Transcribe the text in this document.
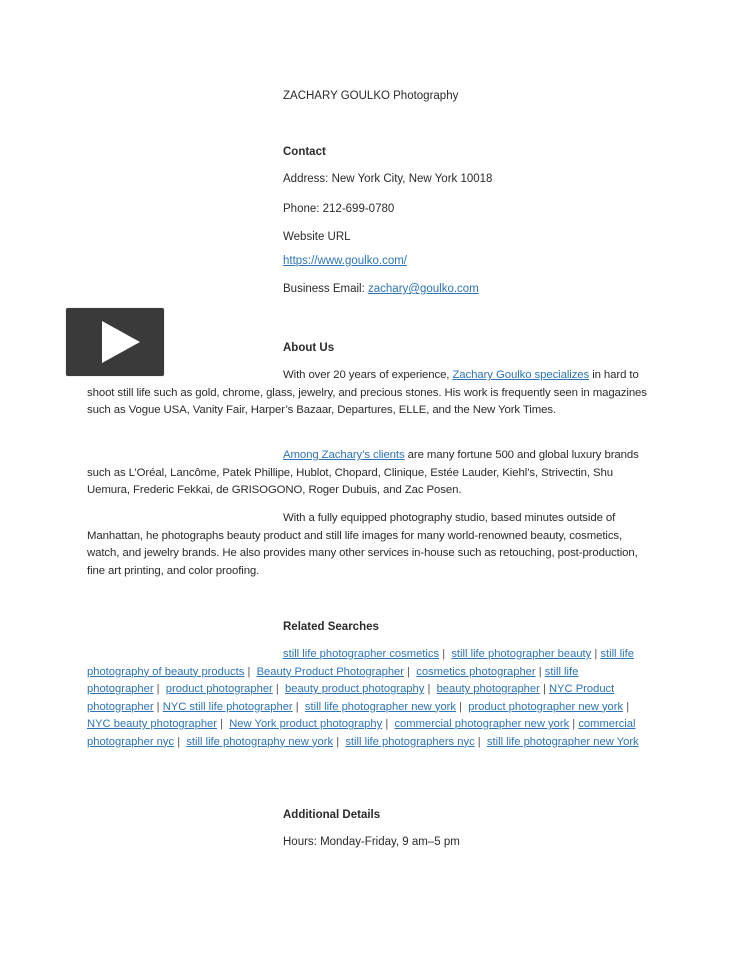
ZACHARY GOULKO Photography
Contact
Address: New York City, New York 10018
Phone: 212-699-0780
Website URL
https://www.goulko.com/
Business Email: zachary@goulko.com
About Us
With over 20 years of experience, Zachary Goulko specializes in hard to shoot still life such as gold, chrome, glass, jewelry, and precious stones. His work is frequently seen in magazines such as Vogue USA, Vanity Fair, Harper’s Bazaar, Departures, ELLE, and the New York Times.
Among Zachary’s clients are many fortune 500 and global luxury brands such as L’Oréal, Lancôme, Patek Phillipe, Hublot, Chopard, Clinique, Estée Lauder, Kiehl’s, Strivectin, Shu Uemura, Frederic Fekkai, de GRISOGONO, Roger Dubuis, and Zac Posen.
With a fully equipped photography studio, based minutes outside of Manhattan, he photographs beauty product and still life images for many world-renowned beauty, cosmetics, watch, and jewelry brands. He also provides many other services in-house such as retouching, post-production, fine art printing, and color proofing.
Related Searches
still life photographer cosmetics | still life photographer beauty | still life photography of beauty products | Beauty Product Photographer | cosmetics photographer | still life photographer | product photographer | beauty product photography | beauty photographer | NYC Product photographer | NYC still life photographer | still life photographer new york | product photographer new york |  NYC beauty photographer | New York product photography | commercial photographer new york | commercial photographer nyc | still life photography new york | still life photographers nyc | still life photographer new York
Additional Details
Hours: Monday-Friday, 9 am–5 pm
